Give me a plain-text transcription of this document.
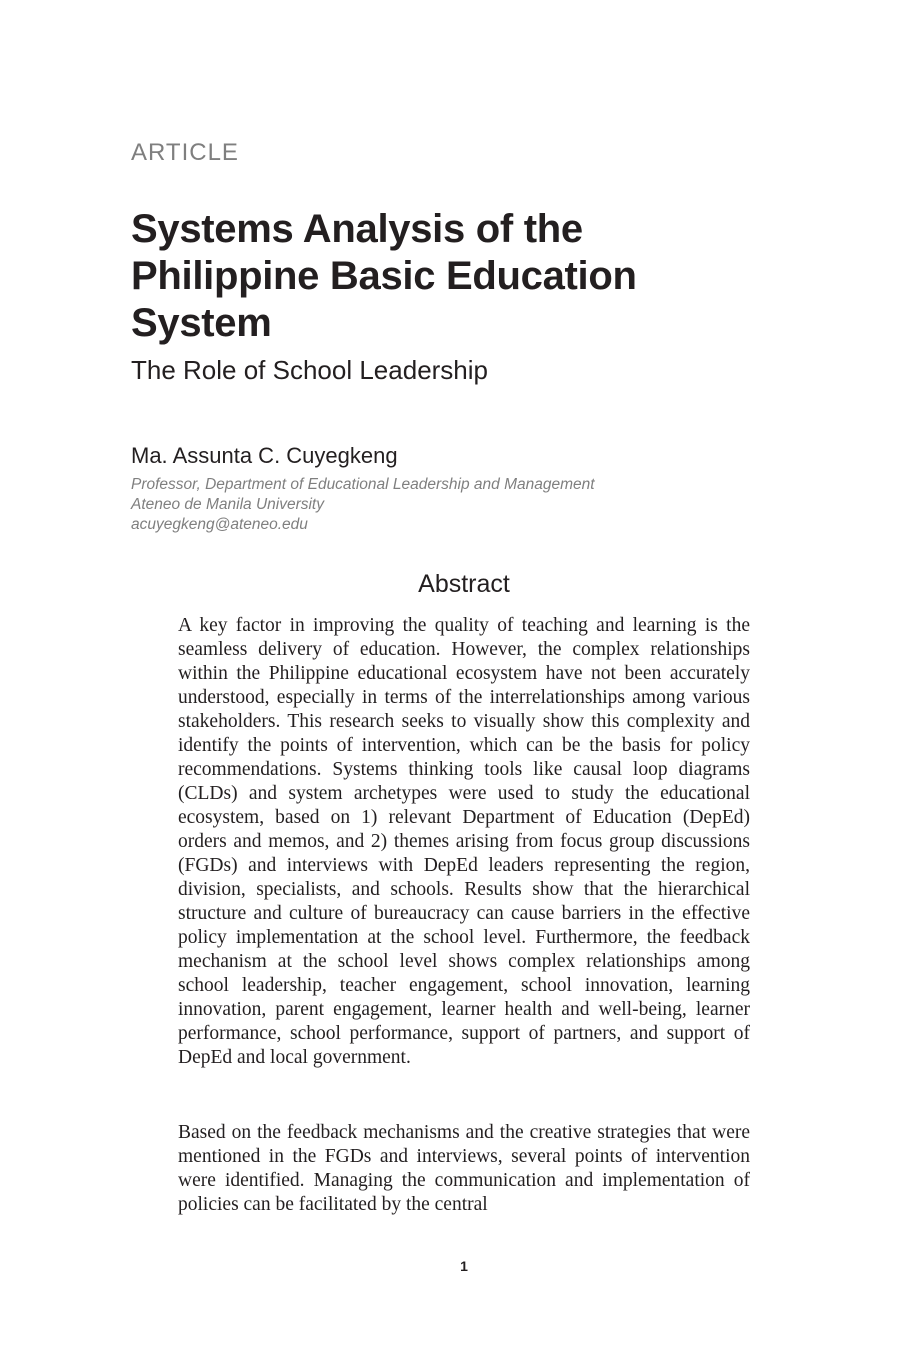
ARTICLE
Systems Analysis of the Philippine Basic Education System
The Role of School Leadership
Ma. Assunta C. Cuyegkeng
Professor, Department of Educational Leadership and Management
Ateneo de Manila University
acuyegkeng@ateneo.edu
Abstract

A key factor in improving the quality of teaching and learning is the seamless delivery of education. However, the complex relationships within the Philippine educational ecosystem have not been accurately understood, especially in terms of the interrelationships among various stakeholders. This research seeks to visually show this complexity and identify the points of intervention, which can be the basis for policy recommendations. Systems thinking tools like causal loop diagrams (CLDs) and system archetypes were used to study the educational ecosystem, based on 1) relevant Department of Education (DepEd) orders and memos, and 2) themes arising from focus group discussions (FGDs) and interviews with DepEd leaders representing the region, division, specialists, and schools. Results show that the hierarchical structure and culture of bureaucracy can cause barriers in the effective policy implementation at the school level. Furthermore, the feedback mechanism at the school level shows complex relationships among school leadership, teacher engagement, school innovation, learning innovation, parent engagement, learner health and well-being, learner performance, school performance, support of partners, and support of DepEd and local government.

Based on the feedback mechanisms and the creative strategies that were mentioned in the FGDs and interviews, several points of intervention were identified. Managing the communication and implementation of policies can be facilitated by the central

1
